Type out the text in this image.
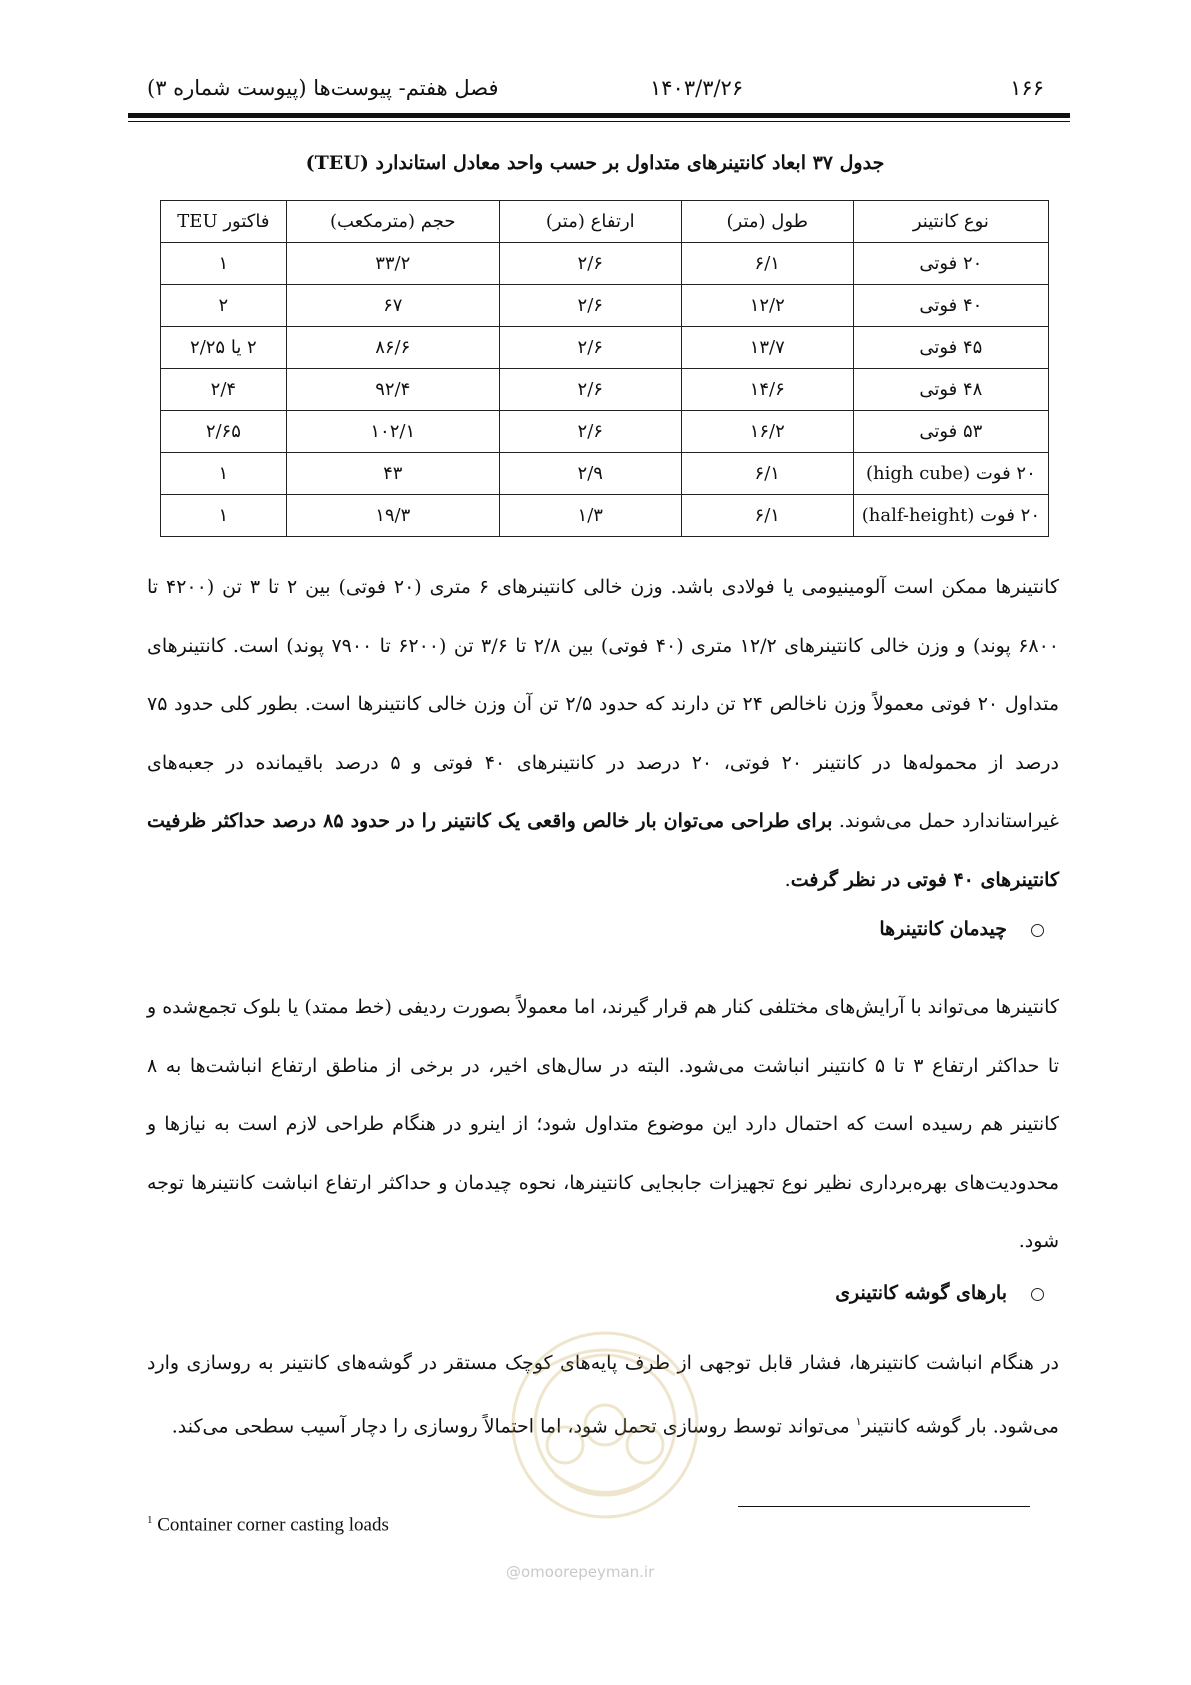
۱۶۶
۱۴۰۳/۳/۲۶
فصل هفتم- پیوست‌ها (پیوست شماره ۳)
جدول ۳۷ ابعاد کانتینرهای متداول بر حسب واحد معادل استاندارد (TEU)
نوع کانتینر	طول (متر)	ارتفاع (متر)	حجم (مترمکعب)	فاکتور TEU
۲۰ فوتی	۶/۱	۲/۶	۳۳/۲	۱
۴۰ فوتی	۱۲/۲	۲/۶	۶۷	۲
۴۵ فوتی	۱۳/۷	۲/۶	۸۶/۶	۲ یا ۲/۲۵
۴۸ فوتی	۱۴/۶	۲/۶	۹۲/۴	۲/۴
۵۳ فوتی	۱۶/۲	۲/۶	۱۰۲/۱	۲/۶۵
۲۰ فوت (high cube)	۶/۱	۲/۹	۴۳	۱
۲۰ فوت (half-height)	۶/۱	۱/۳	۱۹/۳	۱
کانتینرها ممکن است آلومینیومی یا فولادی باشد. وزن خالی کانتینرهای ۶ متری (۲۰ فوتی) بین ۲ تا ۳ تن (۴۲۰۰ تا ۶۸۰۰ پوند) و وزن خالی کانتینرهای ۱۲/۲ متری (۴۰ فوتی) بین ۲/۸ تا ۳/۶ تن (۶۲۰۰ تا ۷۹۰۰ پوند) است. کانتینرهای متداول ۲۰ فوتی معمولاً وزن ناخالص ۲۴ تن دارند که حدود ۲/۵ تن آن وزن خالی کانتینرها است. بطور کلی حدود ۷۵ درصد از محموله‌ها در کانتینر ۲۰ فوتی، ۲۰ درصد در کانتینرهای ۴۰ فوتی و ۵ درصد باقیمانده در جعبه‌های غیراستاندارد حمل می‌شوند. برای طراحی می‌توان بار خالص واقعی یک کانتینر را در حدود ۸۵ درصد حداکثر ظرفیت کانتینرهای ۴۰ فوتی در نظر گرفت.
چیدمان کانتینرها
کانتینرها می‌تواند با آرایش‌های مختلفی کنار هم قرار گیرند، اما معمولاً بصورت ردیفی (خط ممتد) یا بلوک تجمع‌شده و تا حداکثر ارتفاع ۳ تا ۵ کانتینر انباشت می‌شود. البته در سال‌های اخیر، در برخی از مناطق ارتفاع انباشت‌ها به ۸ کانتینر هم رسیده است که احتمال دارد این موضوع متداول شود؛ از اینرو در هنگام طراحی لازم است به نیازها و محدودیت‌های بهره‌برداری نظیر نوع تجهیزات جابجایی کانتینرها، نحوه چیدمان و حداکثر ارتفاع انباشت کانتینرها توجه شود.
بارهای گوشه کانتینری
در هنگام انباشت کانتینرها، فشار قابل توجهی از طرف پایه‌های کوچک مستقر در گوشه‌های کانتینر به روسازی وارد می‌شود. بار گوشه کانتینر$^۱$ می‌تواند توسط روسازی تحمل شود، اما احتمالاً روسازی را دچار آسیب سطحی می‌کند.
@omoorepeyman.ir
$^1$ Container corner casting loads
